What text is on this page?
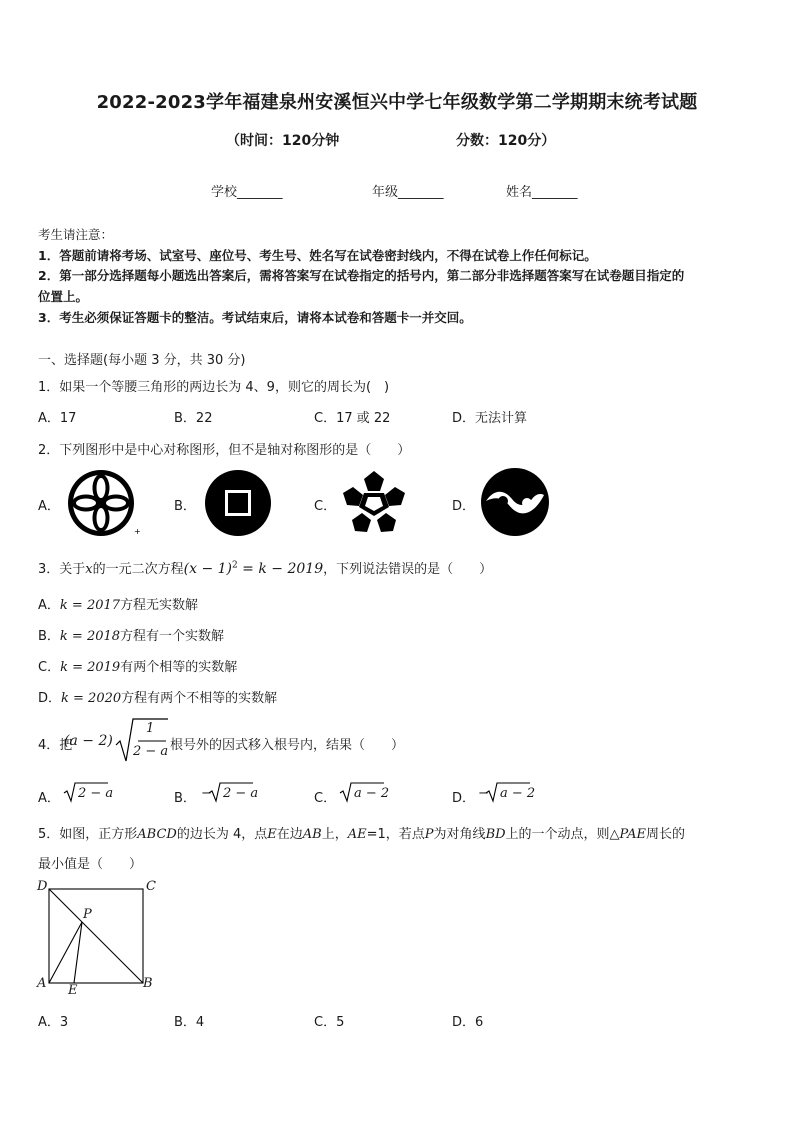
2022-2023学年福建泉州安溪恒兴中学七年级数学第二学期期末统考试题
（时间：120分钟	分数：120分）
学校_______	年级_______	姓名_______
考生请注意：
1．答题前请将考场、试室号、座位号、考生号、姓名写在试卷密封线内，不得在试卷上作任何标记。
2．第一部分选择题每小题选出答案后，需将答案写在试卷指定的括号内，第二部分非选择题答案写在试卷题目指定的
位置上。
3．考生必须保证答题卡的整洁。考试结束后，请将本试卷和答题卡一并交回。
一、选择题(每小题 3 分，共 30 分)
1．如果一个等腰三角形的两边长为 4、9，则它的周长为(　)
A．17	B．22	C．17 或 22	D．无法计算
2．下列图形中是中心对称图形，但不是轴对称图形的是（　　）
A．	B．	C．	D．
+
3．关于x的一元二次方程$(x - 1)^2 = k - 2019$，下列说法错误的是（　　）
A．k = 2017方程无实数解
B．k = 2018方程有一个实数解
C．k = 2019有两个相等的实数解
D．k = 2020方程有两个不相等的实数解
4．把
(a − 2)
1
2 − a 根号外的因式移入根号内，结果（　　）
A． 2 − a	B． − 2 − a	C． a − 2	D． − a − 2
5．如图，正方形ABCD的边长为 4，点E在边AB上，AE=1，若点P为对角线BD上的一个动点，则△PAE周长的
最小值是（　　）
D	C
P
A E	B
A．3	B．4	C．5	D．6
